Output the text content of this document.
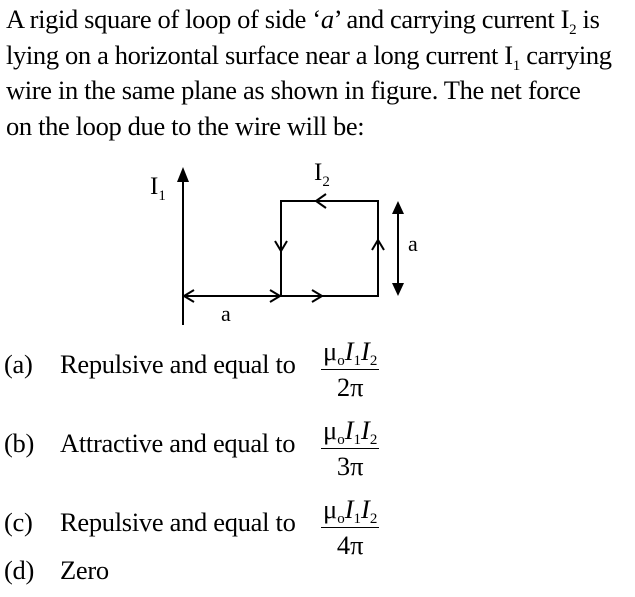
A rigid square of loop of side ‘a’ and carrying current $I_2$ is
lying on a horizontal surface near a long current $I_1$ carrying
wire in the same plane as shown in figure. The net force
on the loop due to the wire will be:
$I_1$
a
$I_2$
a
(a) Repulsive and equal to $\mu_oI_1I_2$
2π
(b) Attractive and equal to $\mu_oI_1I_2$
3π
(c) Repulsive and equal to $\mu_oI_1I_2$
4π
(d) Zero
